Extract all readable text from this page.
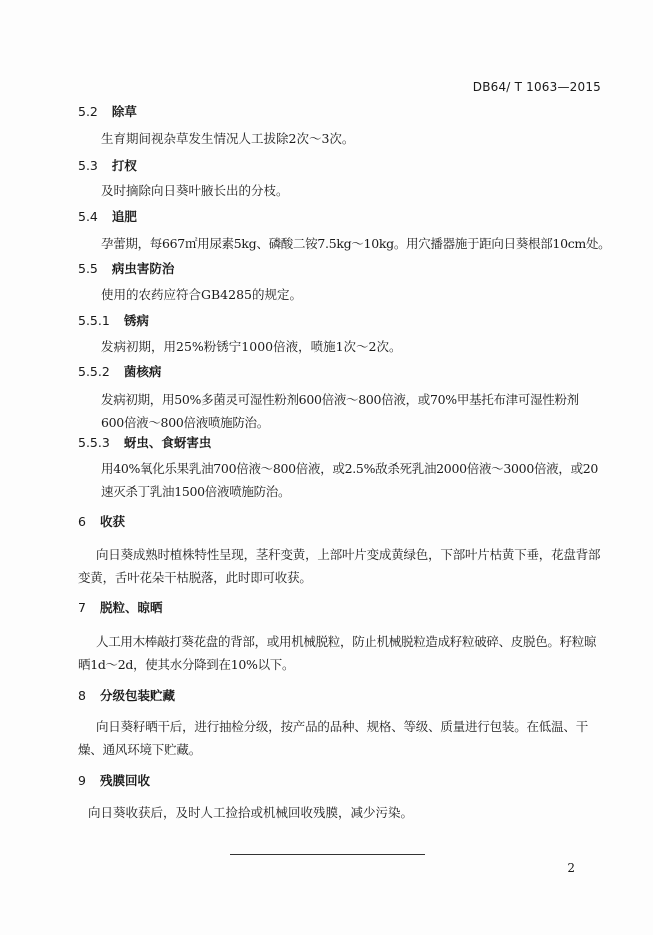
DB64/ T 1063—2015
5.2 除草
生育期间视杂草发生情况人工拔除2次～3次。
5.3 打杈
及时摘除向日葵叶腋长出的分枝。
5.4 追肥
孕蕾期，每667㎡用尿素5kg、磷酸二铵7.5kg～10kg。用穴播器施于距向日葵根部10cm处。
5.5 病虫害防治
使用的农药应符合GB4285的规定。
5.5.1 锈病
发病初期，用25%粉锈宁1000倍液，喷施1次～2次。
5.5.2 菌核病
发病初期，用50%多菌灵可湿性粉剂600倍液～800倍液，或70%甲基托布津可湿性粉剂600倍液～800倍液喷施防治。
5.5.3 蚜虫、食蚜害虫
用40%氧化乐果乳油700倍液～800倍液，或2.5%敌杀死乳油2000倍液～3000倍液，或20速灭杀丁乳油1500倍液喷施防治。
6 收获
向日葵成熟时植株特性呈现，茎秆变黄，上部叶片变成黄绿色，下部叶片枯黄下垂，花盘背部变黄，舌叶花朵干枯脱落，此时即可收获。
7 脱粒、晾晒
人工用木棒敲打葵花盘的背部，或用机械脱粒，防止机械脱粒造成籽粒破碎、皮脱色。籽粒晾晒1d～2d，使其水分降到在10%以下。
8 分级包装贮藏
向日葵籽晒干后，进行抽检分级，按产品的品种、规格、等级、质量进行包装。在低温、干燥、通风环境下贮藏。
9 残膜回收
向日葵收获后，及时人工捡拾或机械回收残膜，减少污染。
2
